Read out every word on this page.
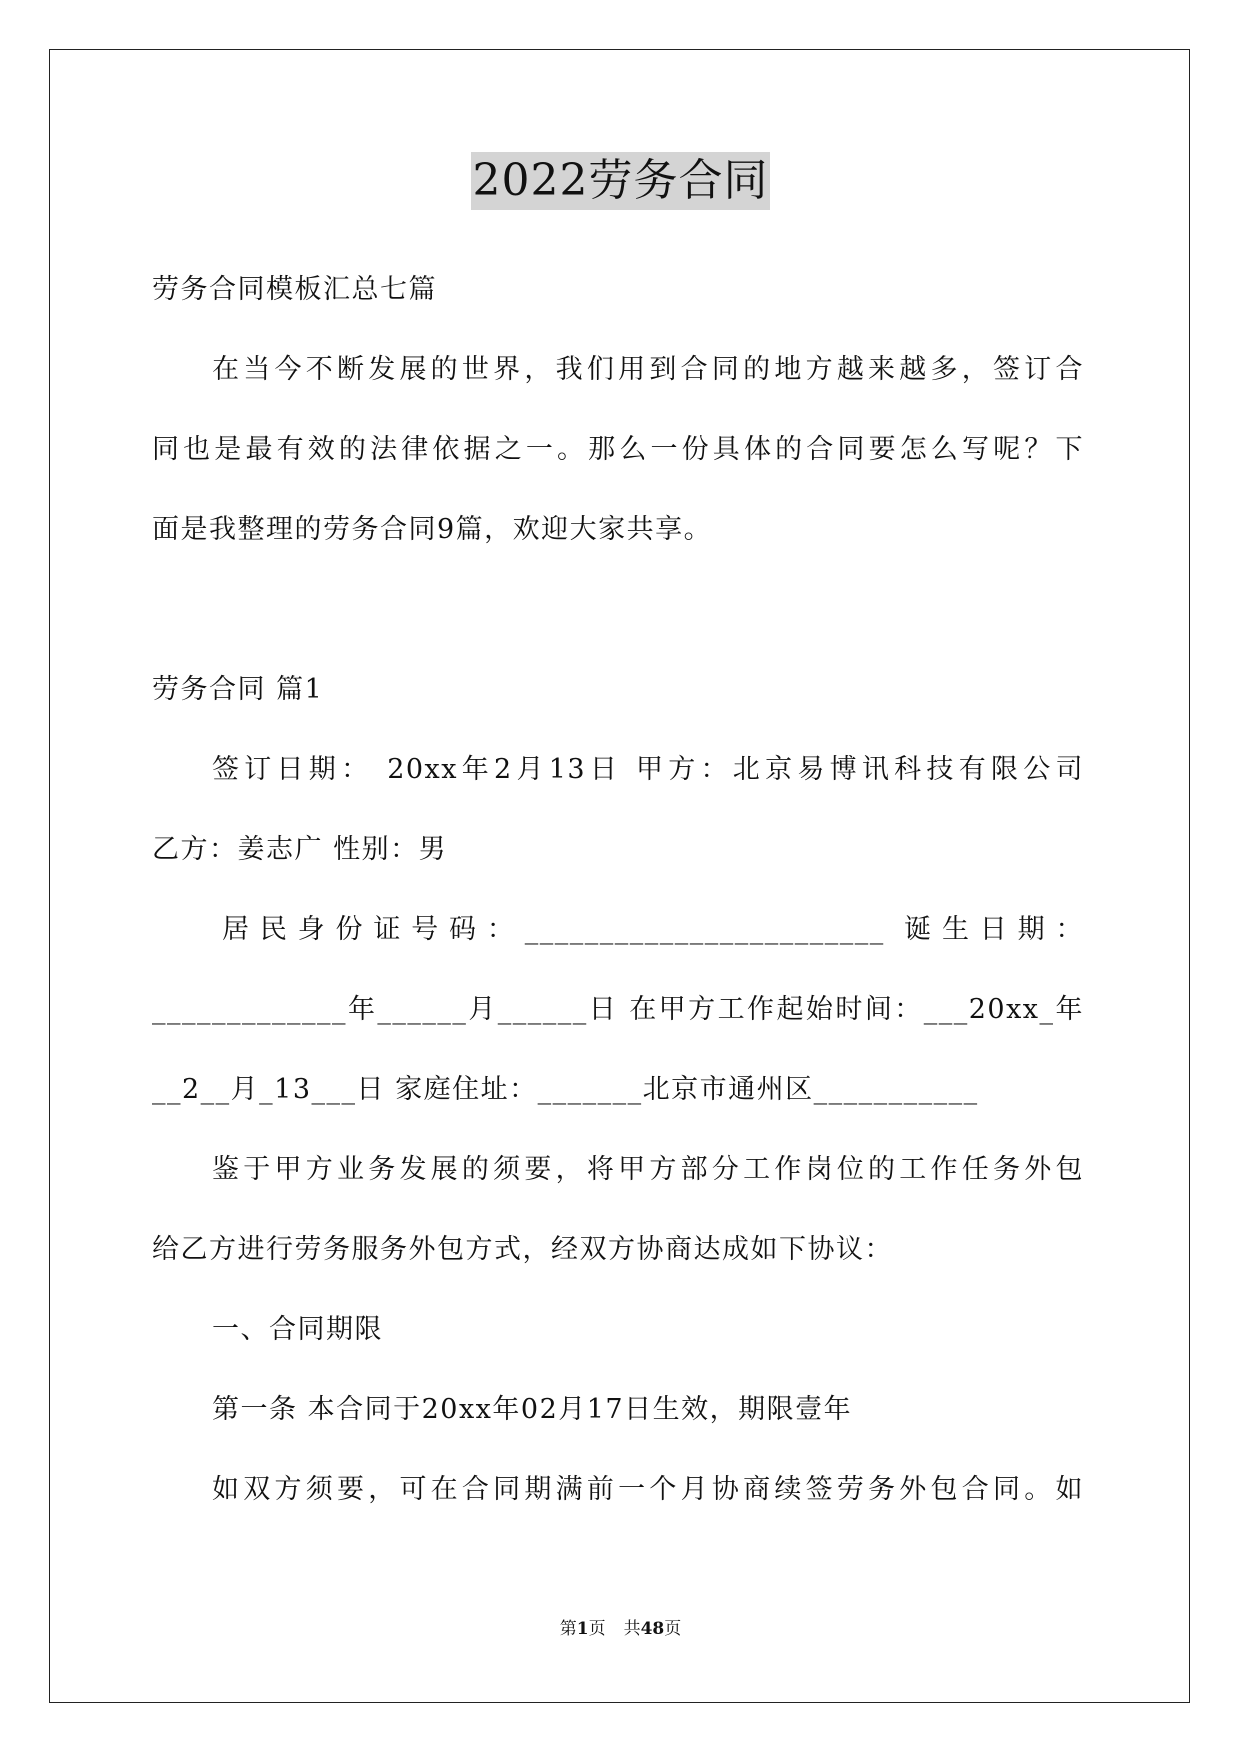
2022劳务合同
劳务合同模板汇总七篇
在当今不断发展的世界，我们用到合同的地方越来越多，签订合
同也是最有效的法律依据之一。那么一份具体的合同要怎么写呢？下
面是我整理的劳务合同9篇，欢迎大家共享。
劳务合同 篇1
签订日期： 20xx年2月13日 甲方：北京易博讯科技有限公司
乙方：姜志广 性别：男
居民身份证号码：________________________ 诞生日期：
_____________年______月______日 在甲方工作起始时间：___20xx_年
__2__月_13___日 家庭住址：_______北京市通州区___________
鉴于甲方业务发展的须要，将甲方部分工作岗位的工作任务外包
给乙方进行劳务服务外包方式，经双方协商达成如下协议：
一、合同期限
第一条 本合同于20xx年02月17日生效，期限壹年
如双方须要，可在合同期满前一个月协商续签劳务外包合同。如
第1页 共48页
